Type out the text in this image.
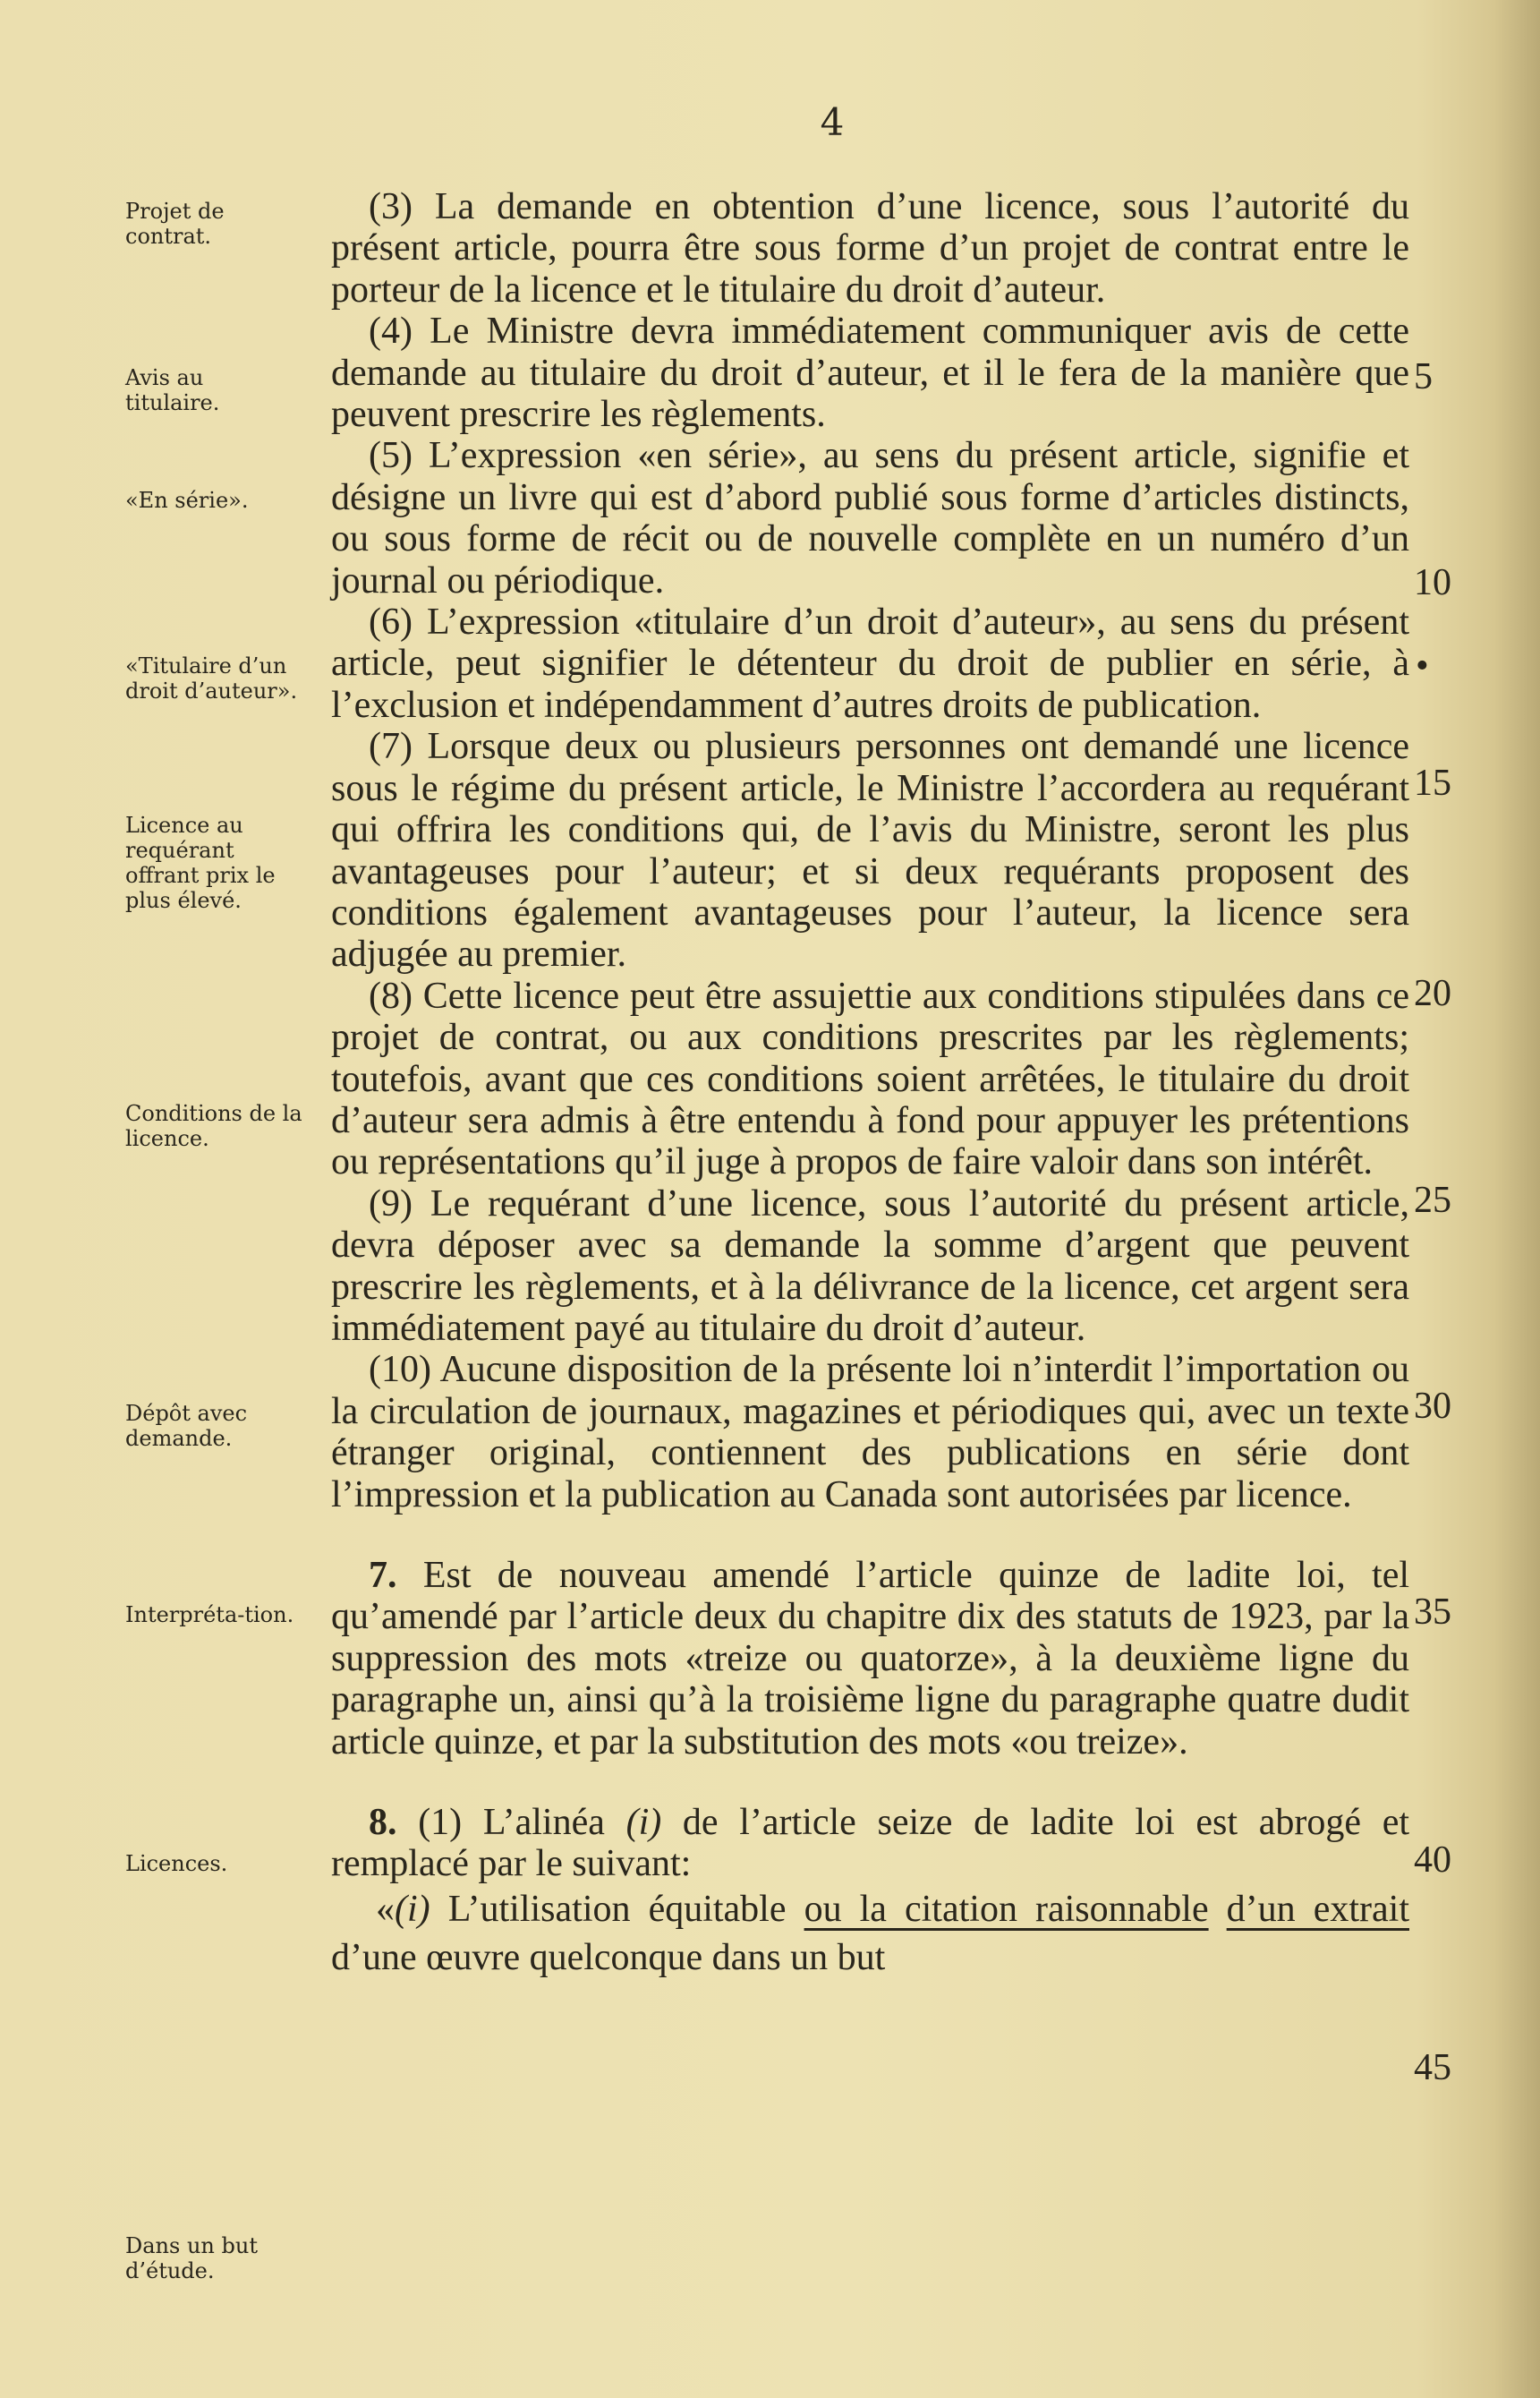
4
Projet de contrat.
Avis au titulaire.
«En série».
«Titulaire d’un droit d’auteur».
Licence au requérant offrant prix le plus élevé.
Conditions de la licence.
Dépôt avec demande.
Interpréta-tion.
Licences.
Dans un but d’étude.

(3) La demande en obtention d’une licence, sous l’autorité du présent article, pourra être sous forme d’un projet de contrat entre le porteur de la licence et le titulaire du droit d’auteur.

(4) Le Ministre devra immédiatement communiquer avis de cette demande au titulaire du droit d’auteur, et il le fera de la manière que peuvent prescrire les règlements.

(5) L’expression «en série», au sens du présent article, signifie et désigne un livre qui est d’abord publié sous forme d’articles distincts, ou sous forme de récit ou de nouvelle complète en un numéro d’un journal ou périodique.

(6) L’expression «titulaire d’un droit d’auteur», au sens du présent article, peut signifier le détenteur du droit de publier en série, à l’exclusion et indépendamment d’autres droits de publication.

(7) Lorsque deux ou plusieurs personnes ont demandé une licence sous le régime du présent article, le Ministre l’accordera au requérant qui offrira les conditions qui, de l’avis du Ministre, seront les plus avantageuses pour l’auteur; et si deux requérants proposent des conditions également avantageuses pour l’auteur, la licence sera adjugée au premier.

(8) Cette licence peut être assujettie aux conditions stipulées dans ce projet de contrat, ou aux conditions prescrites par les règlements; toutefois, avant que ces conditions soient arrêtées, le titulaire du droit d’auteur sera admis à être entendu à fond pour appuyer les prétentions ou représentations qu’il juge à propos de faire valoir dans son intérêt.

(9) Le requérant d’une licence, sous l’autorité du présent article, devra déposer avec sa demande la somme d’argent que peuvent prescrire les règlements, et à la délivrance de la licence, cet argent sera immédiatement payé au titulaire du droit d’auteur.

(10) Aucune disposition de la présente loi n’interdit l’importation ou la circulation de journaux, magazines et périodiques qui, avec un texte étranger original, contiennent des publications en série dont l’impression et la publication au Canada sont autorisées par licence.

7. Est de nouveau amendé l’article quinze de ladite loi, tel qu’amendé par l’article deux du chapitre dix des statuts de 1923, par la suppression des mots «treize ou quatorze», à la deuxième ligne du paragraphe un, ainsi qu’à la troisième ligne du paragraphe quatre dudit article quinze, et par la substitution des mots «ou treize».

8. (1) L’alinéa (i) de l’article seize de ladite loi est abrogé et remplacé par le suivant:

«(i) L’utilisation équitable ou la citation raisonnable d’un extrait d’une œuvre quelconque dans un but

5
10
•
15
20
25
30
35
40
45
